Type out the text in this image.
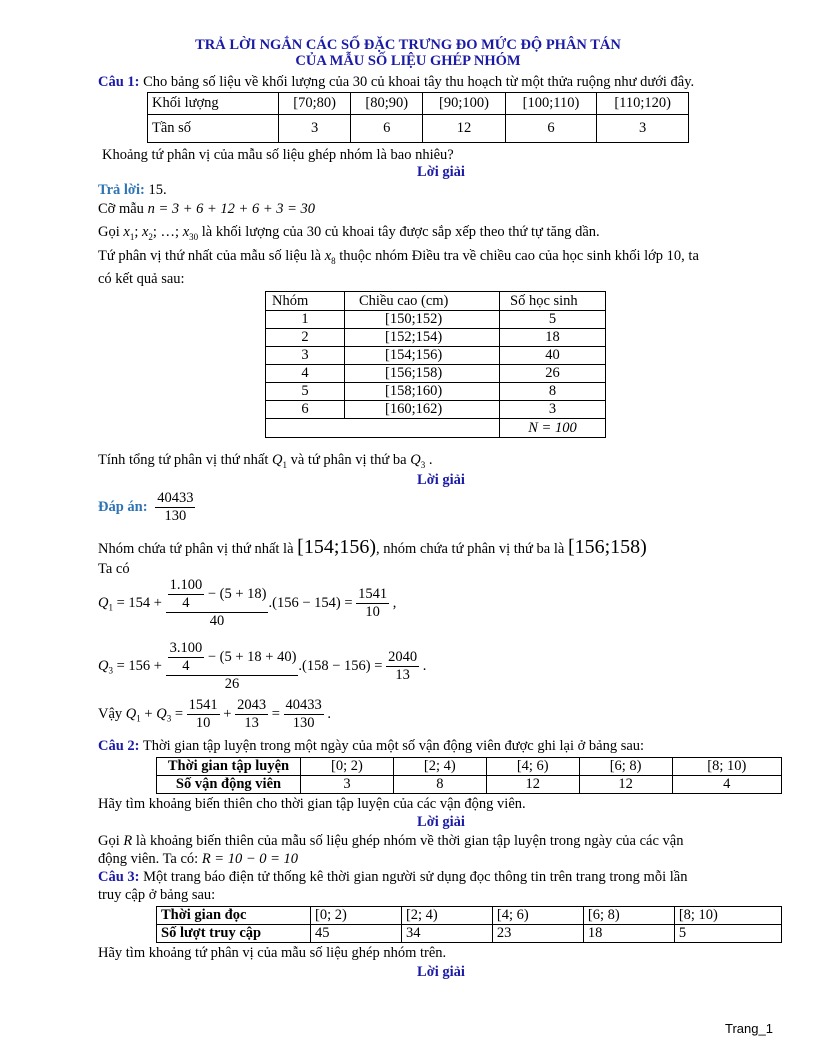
TRẢ LỜI NGẮN CÁC SỐ ĐẶC TRƯNG ĐO MỨC ĐỘ PHÂN TÁN
CỦA MẪU SỐ LIỆU GHÉP NHÓM
Câu 1: Cho bảng số liệu về khối lượng của 30 củ khoai tây thu hoạch từ một thửa ruộng như dưới đây.
Khối lượng	[70;80)	[80;90)	[90;100)	[100;110)	[110;120)
Tần số	3	6	12	6	3
Khoảng tứ phân vị của mẫu số liệu ghép nhóm là bao nhiêu?
Lời giải
Trả lời: 15.
Cỡ mẫu n = 3 + 6 + 12 + 6 + 3 = 30
Gọi $x_1$; $x_2$; …; $x_{30}$ là khối lượng của 30 củ khoai tây được sắp xếp theo thứ tự tăng dần.
Tứ phân vị thứ nhất của mẫu số liệu là $x_8$ thuộc nhóm Điều tra về chiều cao của học sinh khối lớp 10, ta
có kết quả sau:
Nhóm	Chiều cao (cm)	Số học sinh
1	[150;152)	5
2	[152;154)	18
3	[154;156)	40
4	[156;158)	26
5	[158;160)	8
6	[160;162)	3
		N = 100
Tính tổng tứ phân vị thứ nhất $Q_1$ và tứ phân vị thứ ba $Q_3$ .
Lời giải
Đáp án: $\frac{40433}{130}$
Nhóm chứa tứ phân vị thứ nhất là [154;156), nhóm chứa tứ phân vị thứ ba là [156;158)
Ta có
$Q_1 = 154 + \frac{\frac{1.100}{4} - (5 + 18)}{40} .(156 - 154) = \frac{1541}{10}$ ,
$Q_3 = 156 + \frac{\frac{3.100}{4} - (5 + 18 + 40)}{26} .(158 - 156) = \frac{2040}{13}$ .
Vậy $Q_1 + Q_3 = \frac{1541}{10} + \frac{2043}{13} = \frac{40433}{130}$ .
Câu 2: Thời gian tập luyện trong một ngày của một số vận động viên được ghi lại ở bảng sau:
Thời gian tập luyện	[0; 2)	[2; 4)	[4; 6)	[6; 8)	[8; 10)
Số vận động viên	3	8	12	12	4
Hãy tìm khoảng biến thiên cho thời gian tập luyện của các vận động viên.
Lời giải
Gọi R là khoảng biến thiên của mẫu số liệu ghép nhóm về thời gian tập luyện trong ngày của các vận
động viên. Ta có: R = 10 − 0 = 10
Câu 3: Một trang báo điện tử thống kê thời gian người sử dụng đọc thông tin trên trang trong mỗi lần
truy cập ở bảng sau:
Thời gian đọc	[0; 2)	[2; 4)	[4; 6)	[6; 8)	[8; 10)
Số lượt truy cập	45	34	23	18	5
Hãy tìm khoảng tứ phân vị của mẫu số liệu ghép nhóm trên.
Lời giải
Trang_1
